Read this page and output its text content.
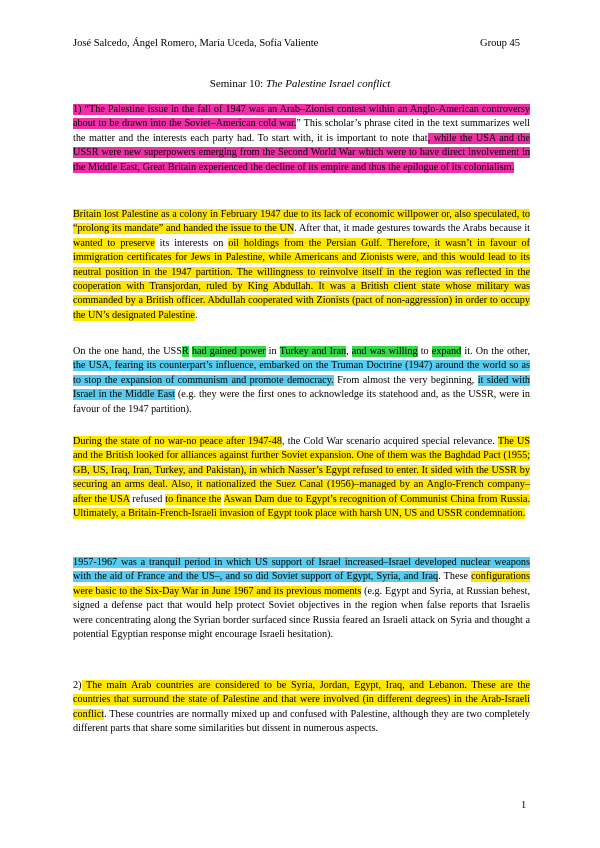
José Salcedo, Ángel Romero, María Uceda, Sofía Valiente	Group 45
Seminar 10: The Palestine Israel conflict

1) “The Palestine issue in the fall of 1947 was an Arab–Zionist contest within an Anglo-American controversy about to be drawn into the Soviet–American cold war.” This scholar’s phrase cited in the text summarizes well the matter and the interests each party had. To start with, it is important to note that, while the USA and the USSR were new superpowers emerging from the Second World War which were to have direct involvement in the Middle East, Great Britain experienced the decline of its empire and thus the epilogue of its colonialism.

Britain lost Palestine as a colony in February 1947 due to its lack of economic willpower or, also speculated, to “prolong its mandate” and handed the issue to the UN. After that, it made gestures towards the Arabs because it wanted to preserve its interests on oil holdings from the Persian Gulf. Therefore, it wasn’t in favour of immigration certificates for Jews in Palestine, while Americans and Zionists were, and this would lead to its neutral position in the 1947 partition. The willingness to reinvolve itself in the region was reflected in the cooperation with Transjordan, ruled by King Abdullah. It was a British client state whose military was commanded by a British officer. Abdullah cooperated with Zionists (pact of non-aggression) in order to occupy the UN’s designated Palestine.

On the one hand, the USSR had gained power in Turkey and Iran, and was willing to expand it. On the other, the USA, fearing its counterpart’s influence, embarked on the Truman Doctrine (1947) around the world so as to stop the expansion of communism and promote democracy. From almost the very beginning, it sided with Israel in the Middle East (e.g. they were the first ones to acknowledge its statehood and, as the USSR, were in favour of the 1947 partition).

During the state of no war-no peace after 1947-48, the Cold War scenario acquired special relevance. The US and the British looked for alliances against further Soviet expansion. One of them was the Baghdad Pact (1955; GB, US, Iraq, Iran, Turkey, and Pakistan), in which Nasser’s Egypt refused to enter. It sided with the USSR by securing an arms deal. Also, it nationalized the Suez Canal (1956)–managed by an Anglo-French company–after the USA refused to finance the Aswan Dam due to Egypt’s recognition of Communist China from Russia. Ultimately, a Britain-French-Israeli invasion of Egypt took place with harsh UN, US and USSR condemnation.

1957-1967 was a tranquil period in which US support of Israel increased–Israel developed nuclear weapons with the aid of France and the US–, and so did Soviet support of Egypt, Syria, and Iraq. These configurations were basic to the Six-Day War in June 1967 and its previous moments (e.g. Egypt and Syria, at Russian behest, signed a defense pact that would help protect Soviet objectives in the region when false reports that Israelis were concentrating along the Syrian border surfaced since Russia feared an Israeli attack on Syria and thought a potential Egyptian response might encourage Israeli hesitation).

2) The main Arab countries are considered to be Syria, Jordan, Egypt, Iraq, and Lebanon. These are the countries that surround the state of Palestine and that were involved (in different degrees) in the Arab-Israeli conflict. These countries are normally mixed up and confused with Palestine, although they are two completely different parts that share some similarities but dissent in numerous aspects.

1
